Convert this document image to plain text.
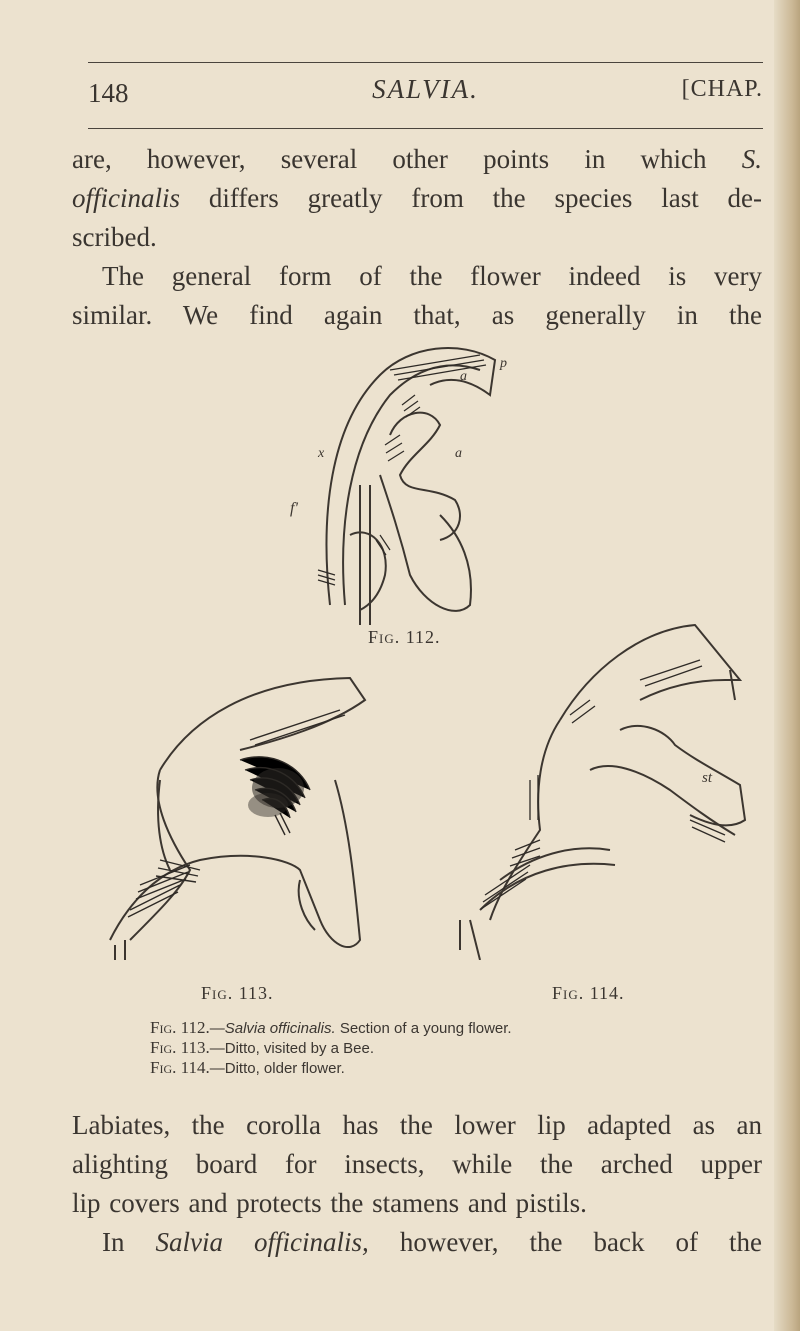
148	SALVIA.	[CHAP.

are, however, several other points in which S.
officinalis differs greatly from the species last de-
scribed.

The general form of the flower indeed is very
similar. We find again that, as generally in the

p
a
a
x
f'
Fig. 112.
Fig. 113.
st
Fig. 114.
Fig. 112.—Salvia officinalis. Section of a young flower.
Fig. 113.—Ditto, visited by a Bee.
Fig. 114.—Ditto, older flower.

Labiates, the corolla has the lower lip adapted as an
alighting board for insects, while the arched upper
lip covers and protects the stamens and pistils.

In Salvia officinalis, however, the back of the
